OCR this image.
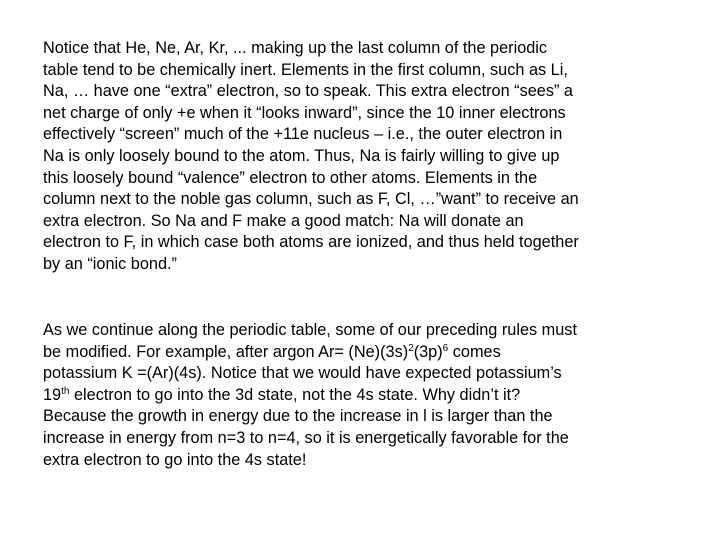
Notice that He, Ne, Ar, Kr, ... making up the last column of the periodic
table tend to be chemically inert. Elements in the first column, such as Li,
Na, … have one “extra” electron, so to speak. This extra electron “sees” a
net charge of only +e when it “looks inward”, since the 10 inner electrons
effectively “screen” much of the +11e nucleus – i.e., the outer electron in
Na is only loosely bound to the atom. Thus, Na is fairly willing to give up
this loosely bound “valence” electron to other atoms. Elements in the
column next to the noble gas column, such as F, Cl, …”want” to receive an
extra electron. So Na and F make a good match: Na will donate an
electron to F, in which case both atoms are ionized, and thus held together
by an “ionic bond.”

As we continue along the periodic table, some of our preceding rules must
be modified. For example, after argon $Ar= (Ne)(3s)^2(3p)^6$ comes
potassium K =(Ar)(4s). Notice that we would have expected potassium’s
19th electron to go into the 3d state, not the 4s state. Why didn’t it?
Because the growth in energy due to the increase in l is larger than the
increase in energy from n=3 to n=4, so it is energetically favorable for the
extra electron to go into the 4s state!
